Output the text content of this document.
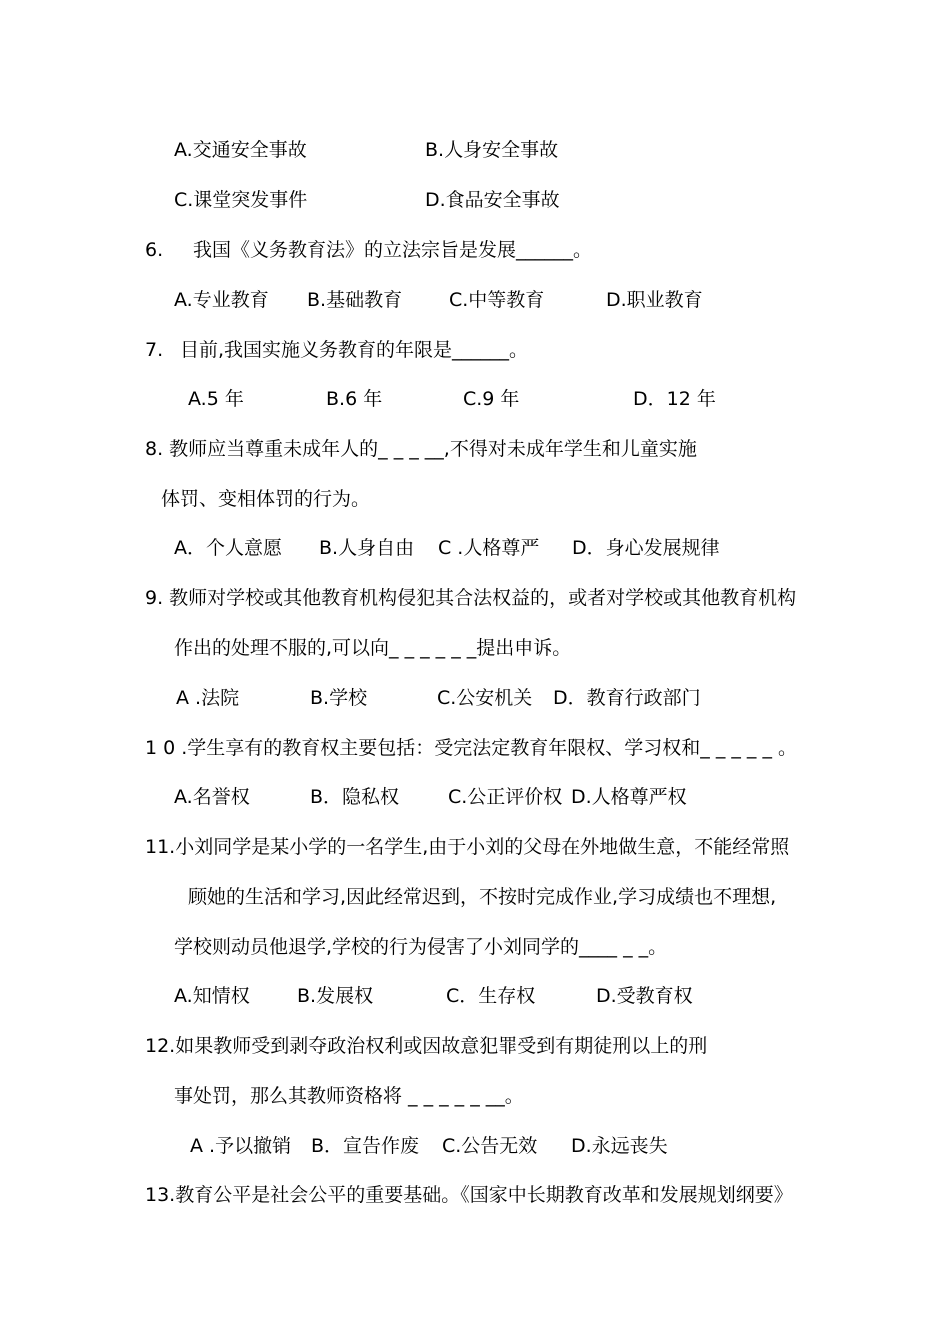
A.交通安全事故	B.人身安全事故
C.课堂突发事件	D.食品安全事故
6. 我国《义务教育法》的立法宗旨是发展______。
A.专业教育 B.基础教育 C.中等教育	D.职业教育
7. 目前,我国实施义务教育的年限是______。
A.5 年	B.6 年	C.9 年	D．12 年
8. 教师应当尊重未成年人的_ _ _ __,不得对未成年学生和儿童实施
体罚、变相体罚的行为。
A．个人意愿 B.人身自由 C .人格尊严 D．身心发展规律
9. 教师对学校或其他教育机构侵犯其合法权益的，或者对学校或其他教育机构
作出的处理不服的,可以向_ _ _ _ _ _提出申诉。
A .法院	B.学校	C.公安机关 D．教育行政部门
1 0 .学生享有的教育权主要包括：受完法定教育年限权、学习权和_ _ _ _ _ 。
A.名誉权	B．隐私权	C.公正评价权 D.人格尊严权
11.小刘同学是某小学的一名学生,由于小刘的父母在外地做生意，不能经常照
顾她的生活和学习,因此经常迟到，不按时完成作业,学习成绩也不理想,
学校则动员他退学,学校的行为侵害了小刘同学的____ _ _。
A.知情权 B.发展权	C．生存权	D.受教育权
12.如果教师受到剥夺政治权利或因故意犯罪受到有期徒刑以上的刑
事处罚，那么其教师资格将 _ _ _ _ _ __。
A .予以撤销 B．宣告作废 C.公告无效 D.永远丧失
13.教育公平是社会公平的重要基础。《国家中长期教育改革和发展规划纲要》
